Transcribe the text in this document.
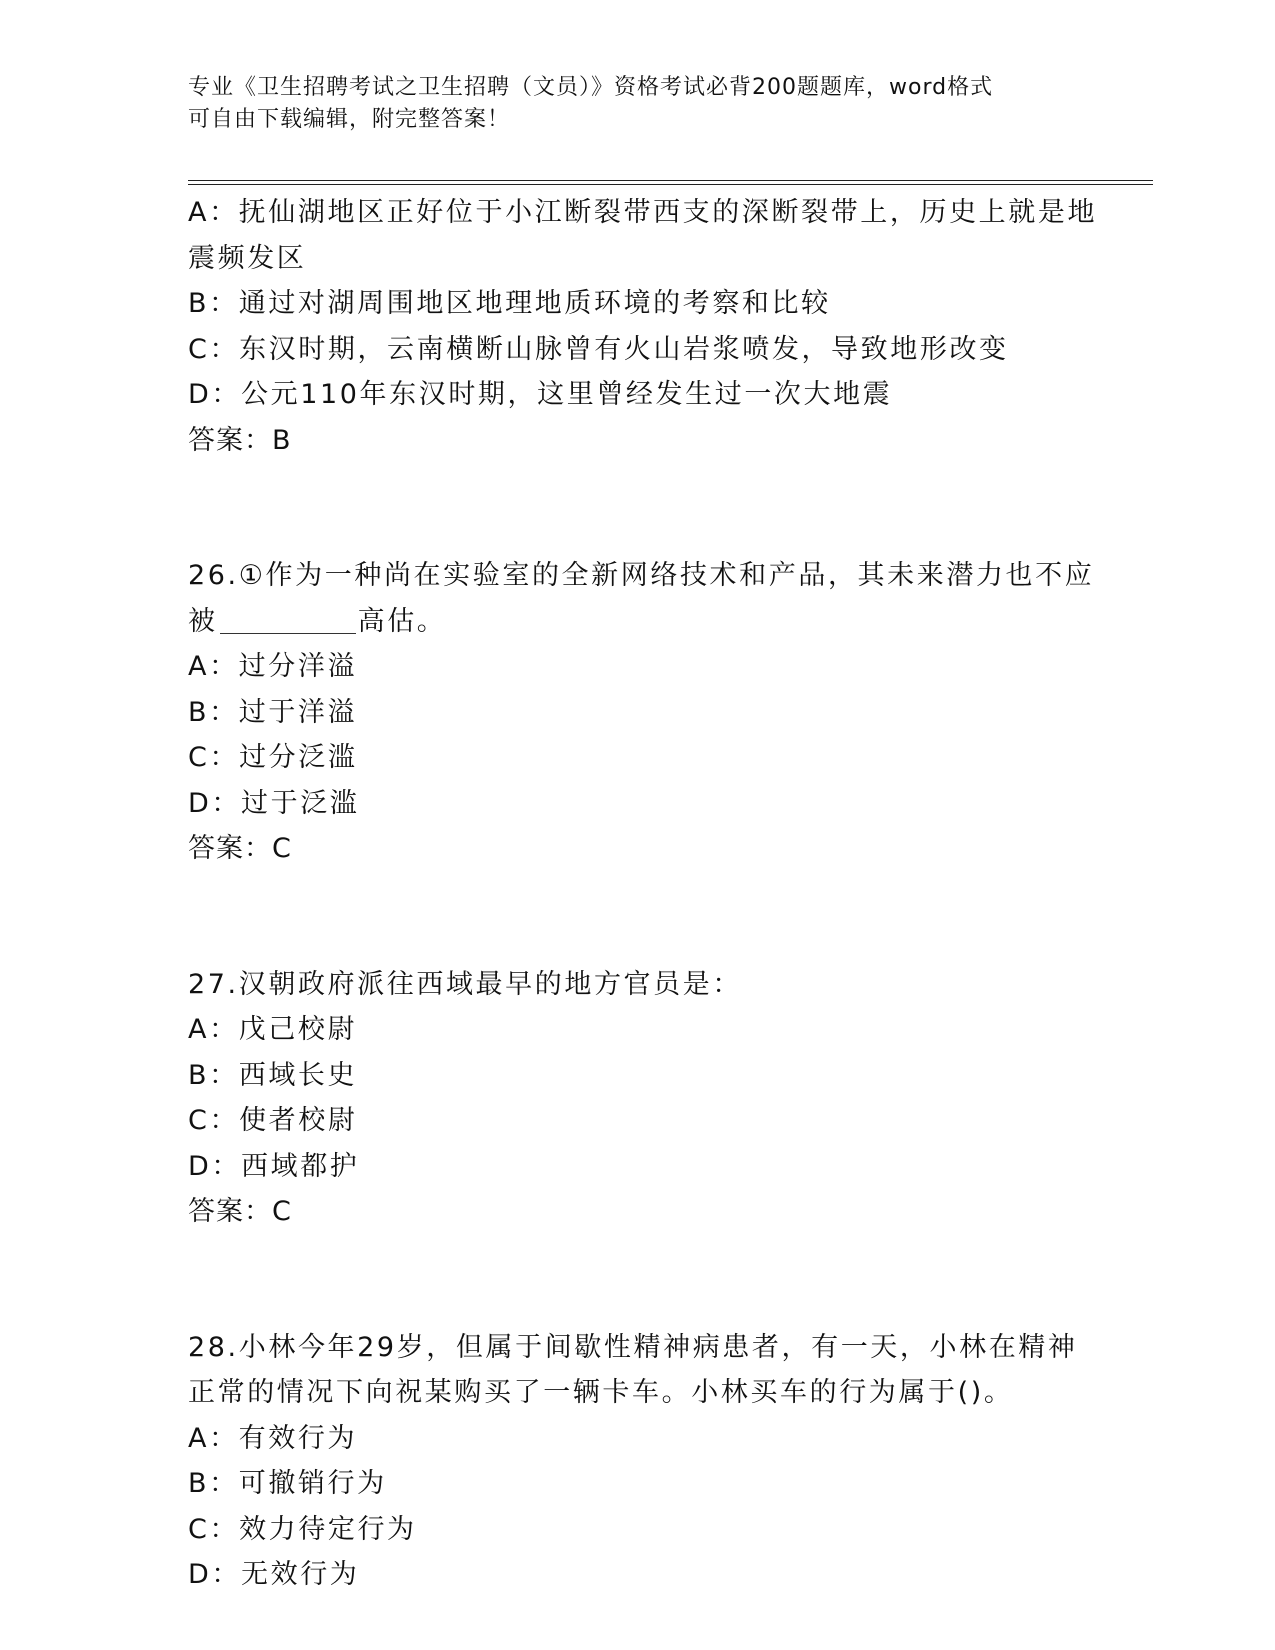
专业《卫生招聘考试之卫生招聘（文员）》资格考试必背200题题库，word格式
可自由下载编辑，附完整答案！
A：抚仙湖地区正好位于小江断裂带西支的深断裂带上，历史上就是地
震频发区
B：通过对湖周围地区地理地质环境的考察和比较
C：东汉时期，云南横断山脉曾有火山岩浆喷发，导致地形改变
D：公元110年东汉时期，这里曾经发生过一次大地震
答案：B
26.①作为一种尚在实验室的全新网络技术和产品，其未来潜力也不应
被	高估。
A：过分洋溢
B：过于洋溢
C：过分泛滥
D：过于泛滥
答案：C
27.汉朝政府派往西域最早的地方官员是：
A：戊己校尉
B：西域长史
C：使者校尉
D：西域都护
答案：C
28.小林今年29岁，但属于间歇性精神病患者，有一天，小林在精神
正常的情况下向祝某购买了一辆卡车。小林买车的行为属于()。
A：有效行为
B：可撤销行为
C：效力待定行为
D：无效行为
